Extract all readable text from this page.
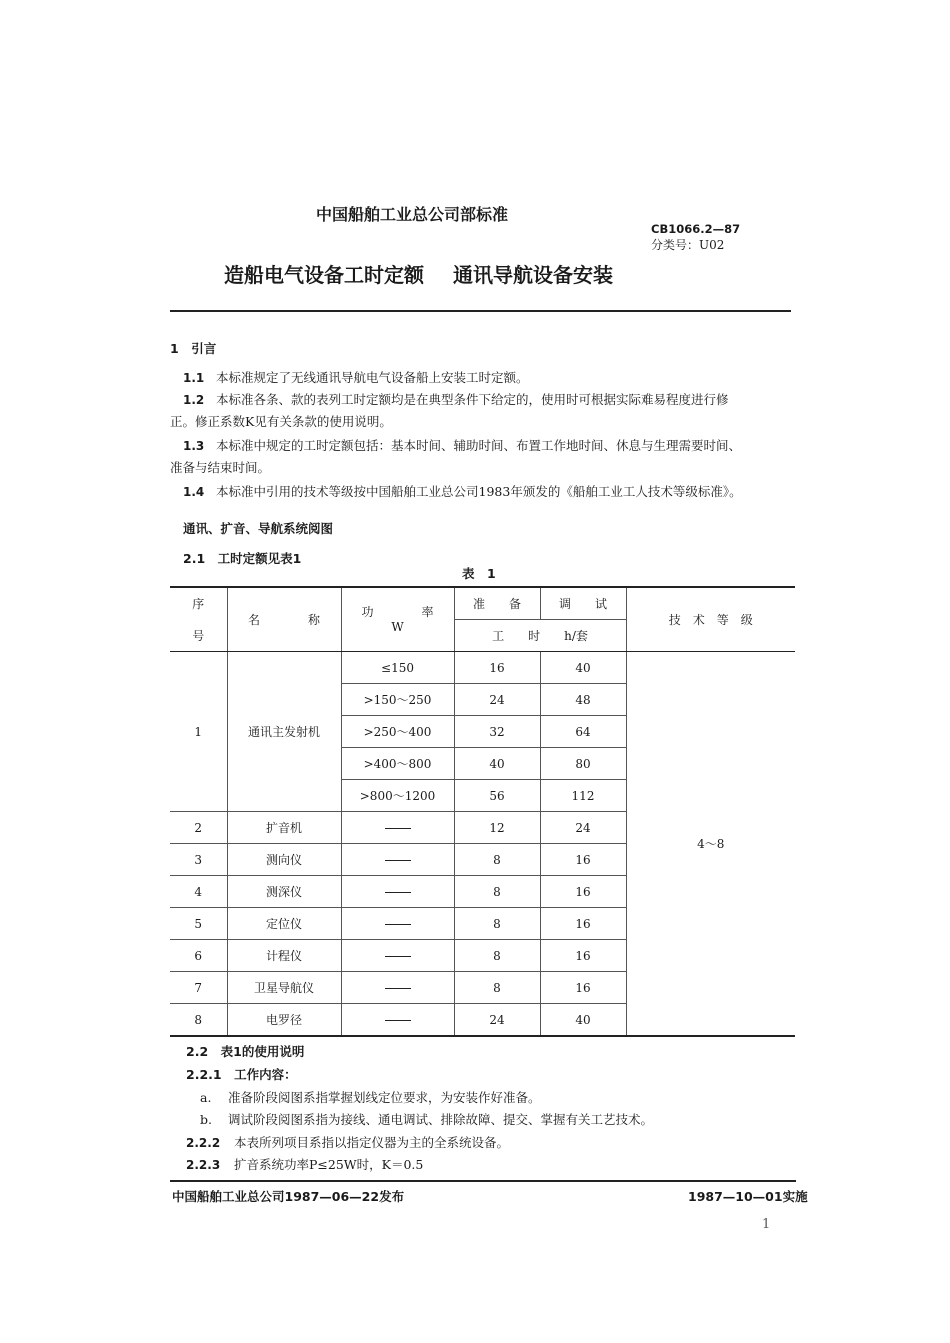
中国船舶工业总公司部标准
CB1066.2—87
分类号：U02
造船电气设备工时定额 通讯导航设备安装
1　引言
1.1 本标准规定了无线通讯导航电气设备船上安装工时定额。
1.2 本标准各条、款的表列工时定额均是在典型条件下给定的，使用时可根据实际难易程度进行修
正。修正系数K见有关条款的使用说明。
1.3 本标准中规定的工时定额包括：基本时间、辅助时间、布置工作地时间、休息与生理需要时间、
准备与结束时间。
1.4 本标准中引用的技术等级按中国船舶工业总公司1983年颁发的《船舶工业工人技术等级标准》。
通讯、扩音、导航系统阅图
2.1　工时定额见表1
表　1
序	名　　　　称	功　　　　率	准　　备	调　　试	技　术　等　级
号		W	工　　时　　h/套		
1	通讯主发射机	≤150	16	40	4～8
		>150～250	24	48	
		>250～400	32	64	
		>400～800	40	80	
		>800～1200	56	112	
2	扩音机		12	24	
3	测向仪		8	16	
4	测深仪		8	16	
5	定位仪		8	16	
6	计程仪		8	16	
7	卫星导航仪		8	16	
8	电罗径		24	40	
2.2　表1的使用说明
2.2.1　工作内容：
a. 准备阶段阅图系指掌握划线定位要求，为安装作好准备。
b. 调试阶段阅图系指为接线、通电调试、排除故障、提交、掌握有关工艺技术。
2.2.2 本表所列项目系指以指定仪器为主的全系统设备。
2.2.3 扩音系统功率P≤25W时，K＝0.5
中国船舶工业总公司1987—06—22发布	1987—10—01实施
1
